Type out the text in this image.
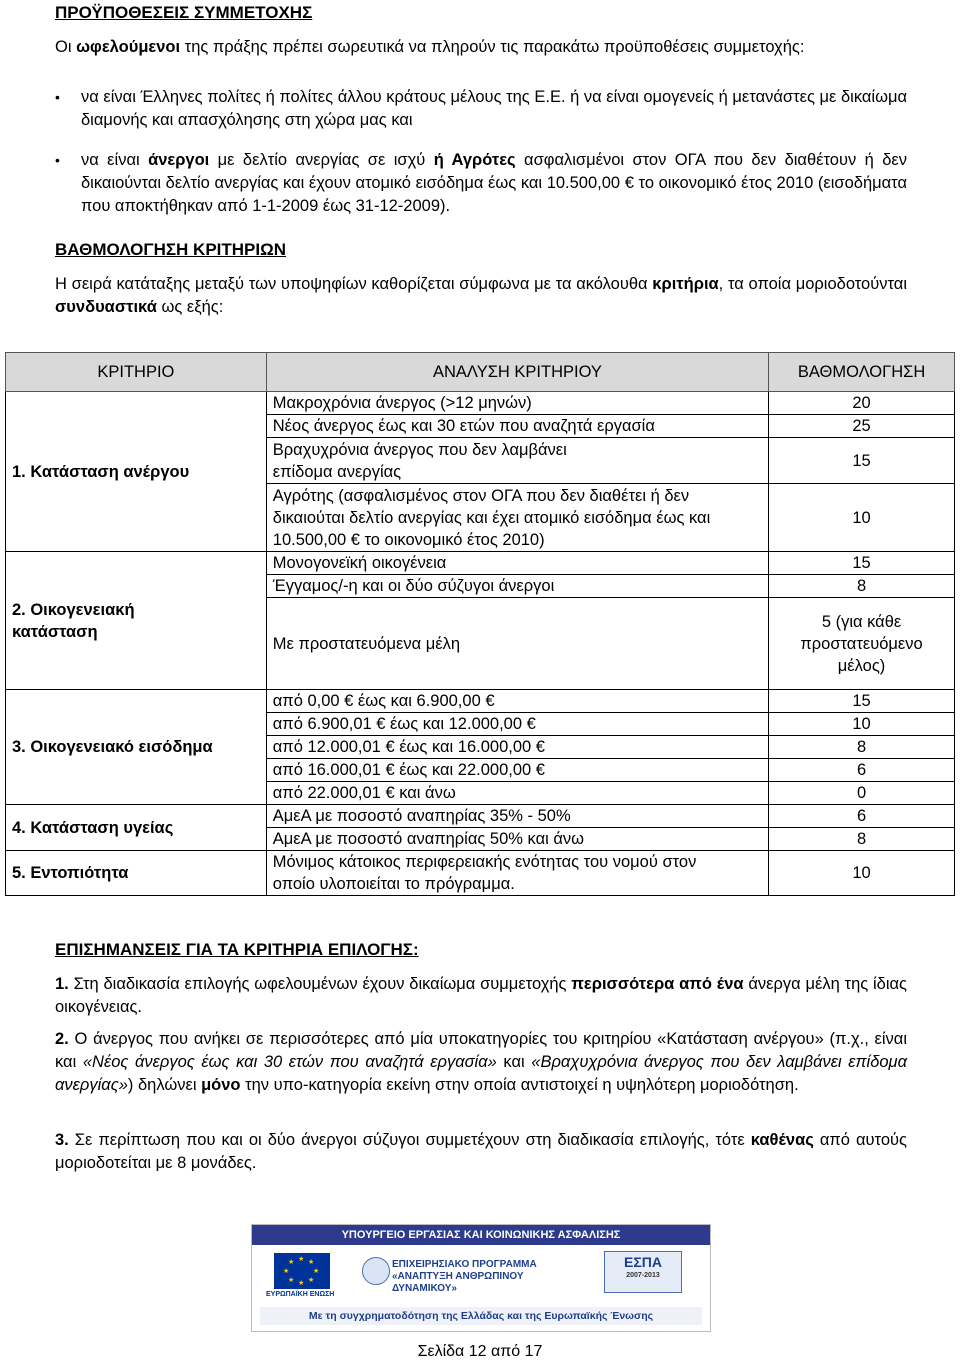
ΠΡΟΫΠΟΘΕΣΕΙΣ ΣΥΜΜΕΤΟΧΗΣ
Οι ωφελούμενοι της πράξης πρέπει σωρευτικά να πληρούν τις παρακάτω προϋποθέσεις συμμετοχής:
• να είναι Έλληνες πολίτες ή πολίτες άλλου κράτους μέλους της Ε.Ε. ή να είναι ομογενείς ή μετανάστες με δικαίωμα διαμονής και απασχόλησης στη χώρα μας και
• να είναι άνεργοι με δελτίο ανεργίας σε ισχύ ή Αγρότες ασφαλισμένοι στον ΟΓΑ που δεν διαθέτουν ή δεν δικαιούνται δελτίο ανεργίας και έχουν ατομικό εισόδημα έως και 10.500,00 € το οικονομικό έτος 2010 (εισοδήματα που αποκτήθηκαν από 1-1-2009 έως 31-12-2009).
ΒΑΘΜΟΛΟΓΗΣΗ ΚΡΙΤΗΡΙΩΝ
Η σειρά κατάταξης μεταξύ των υποψηφίων καθορίζεται σύμφωνα με τα ακόλουθα κριτήρια, τα οποία μοριοδοτούνται συνδυαστικά ως εξής:
ΚΡΙΤΗΡΙΟ	ΑΝΑΛΥΣΗ ΚΡΙΤΗΡΙΟΥ	ΒΑΘΜΟΛΟΓΗΣΗ
1. Κατάσταση ανέργου	Μακροχρόνια άνεργος (>12 μηνών)	20
	Νέος άνεργος έως και 30 ετών που αναζητά εργασία	25
	Βραχυχρόνια άνεργος που δεν λαμβάνει επίδομα ανεργίας	15
	Αγρότης (ασφαλισμένος στον ΟΓΑ που δεν διαθέτει ή δεν δικαιούται δελτίο ανεργίας και έχει ατομικό εισόδημα έως και 10.500,00 € το οικονομικό έτος 2010)	10
2. Οικογενειακή κατάσταση	Μονογονεϊκή οικογένεια	15
	Έγγαμος/-η και οι δύο σύζυγοι άνεργοι	8
	Με προστατευόμενα μέλη	5 (για κάθε προστατευόμενο μέλος)
3. Οικογενειακό εισόδημα	από 0,00 € έως και 6.900,00 €	15
	από 6.900,01 € έως και 12.000,00 €	10
	από 12.000,01 € έως και 16.000,00 €	8
	από 16.000,01 € έως και 22.000,00 €	6
	από 22.000,01 € και άνω	0
4. Κατάσταση υγείας	ΑμεΑ με ποσοστό αναπηρίας 35% - 50%	6
	ΑμεΑ με ποσοστό αναπηρίας 50% και άνω	8
5. Εντοπιότητα	Μόνιμος κάτοικος περιφερειακής ενότητας του νομού στον οποίο υλοποιείται το πρόγραμμα.	10
ΕΠΙΣΗΜΑΝΣΕΙΣ ΓΙΑ ΤΑ ΚΡΙΤΗΡΙΑ ΕΠΙΛΟΓΗΣ:
1. Στη διαδικασία επιλογής ωφελουμένων έχουν δικαίωμα συμμετοχής περισσότερα από ένα άνεργα μέλη της ίδιας οικογένειας.
2. Ο άνεργος που ανήκει σε περισσότερες από μία υποκατηγορίες του κριτηρίου «Κατάσταση ανέργου» (π.χ., είναι και «Νέος άνεργος έως και 30 ετών που αναζητά εργασία» και «Βραχυχρόνια άνεργος που δεν λαμβάνει επίδομα ανεργίας») δηλώνει μόνο την υπο-κατηγορία εκείνη στην οποία αντιστοιχεί η υψηλότερη μοριοδότηση.
3. Σε περίπτωση που και οι δύο άνεργοι σύζυγοι συμμετέχουν στη διαδικασία επιλογής, τότε καθένας από αυτούς μοριοδοτείται με 8 μονάδες.
ΥΠΟΥΡΓΕΙΟ ΕΡΓΑΣΙΑΣ ΚΑΙ ΚΟΙΝΩΝΙΚΗΣ ΑΣΦΑΛΙΣΗΣ
★ ★
★
★
★
★
★
★
ΕΥΡΩΠΑΪΚΗ ΕΝΩΣΗ
ΕΠΙΧΕΙΡΗΣΙΑΚΟ ΠΡΟΓΡΑΜΜΑ «ΑΝΑΠΤΥΞΗ ΑΝΘΡΩΠΙΝΟΥ ΔΥΝΑΜΙΚΟΥ»
ΕΣΠΑ
2007-2013
Με τη συγχρηματοδότηση της Ελλάδας και της Ευρωπαϊκής Ένωσης
Σελίδα 12 από 17
